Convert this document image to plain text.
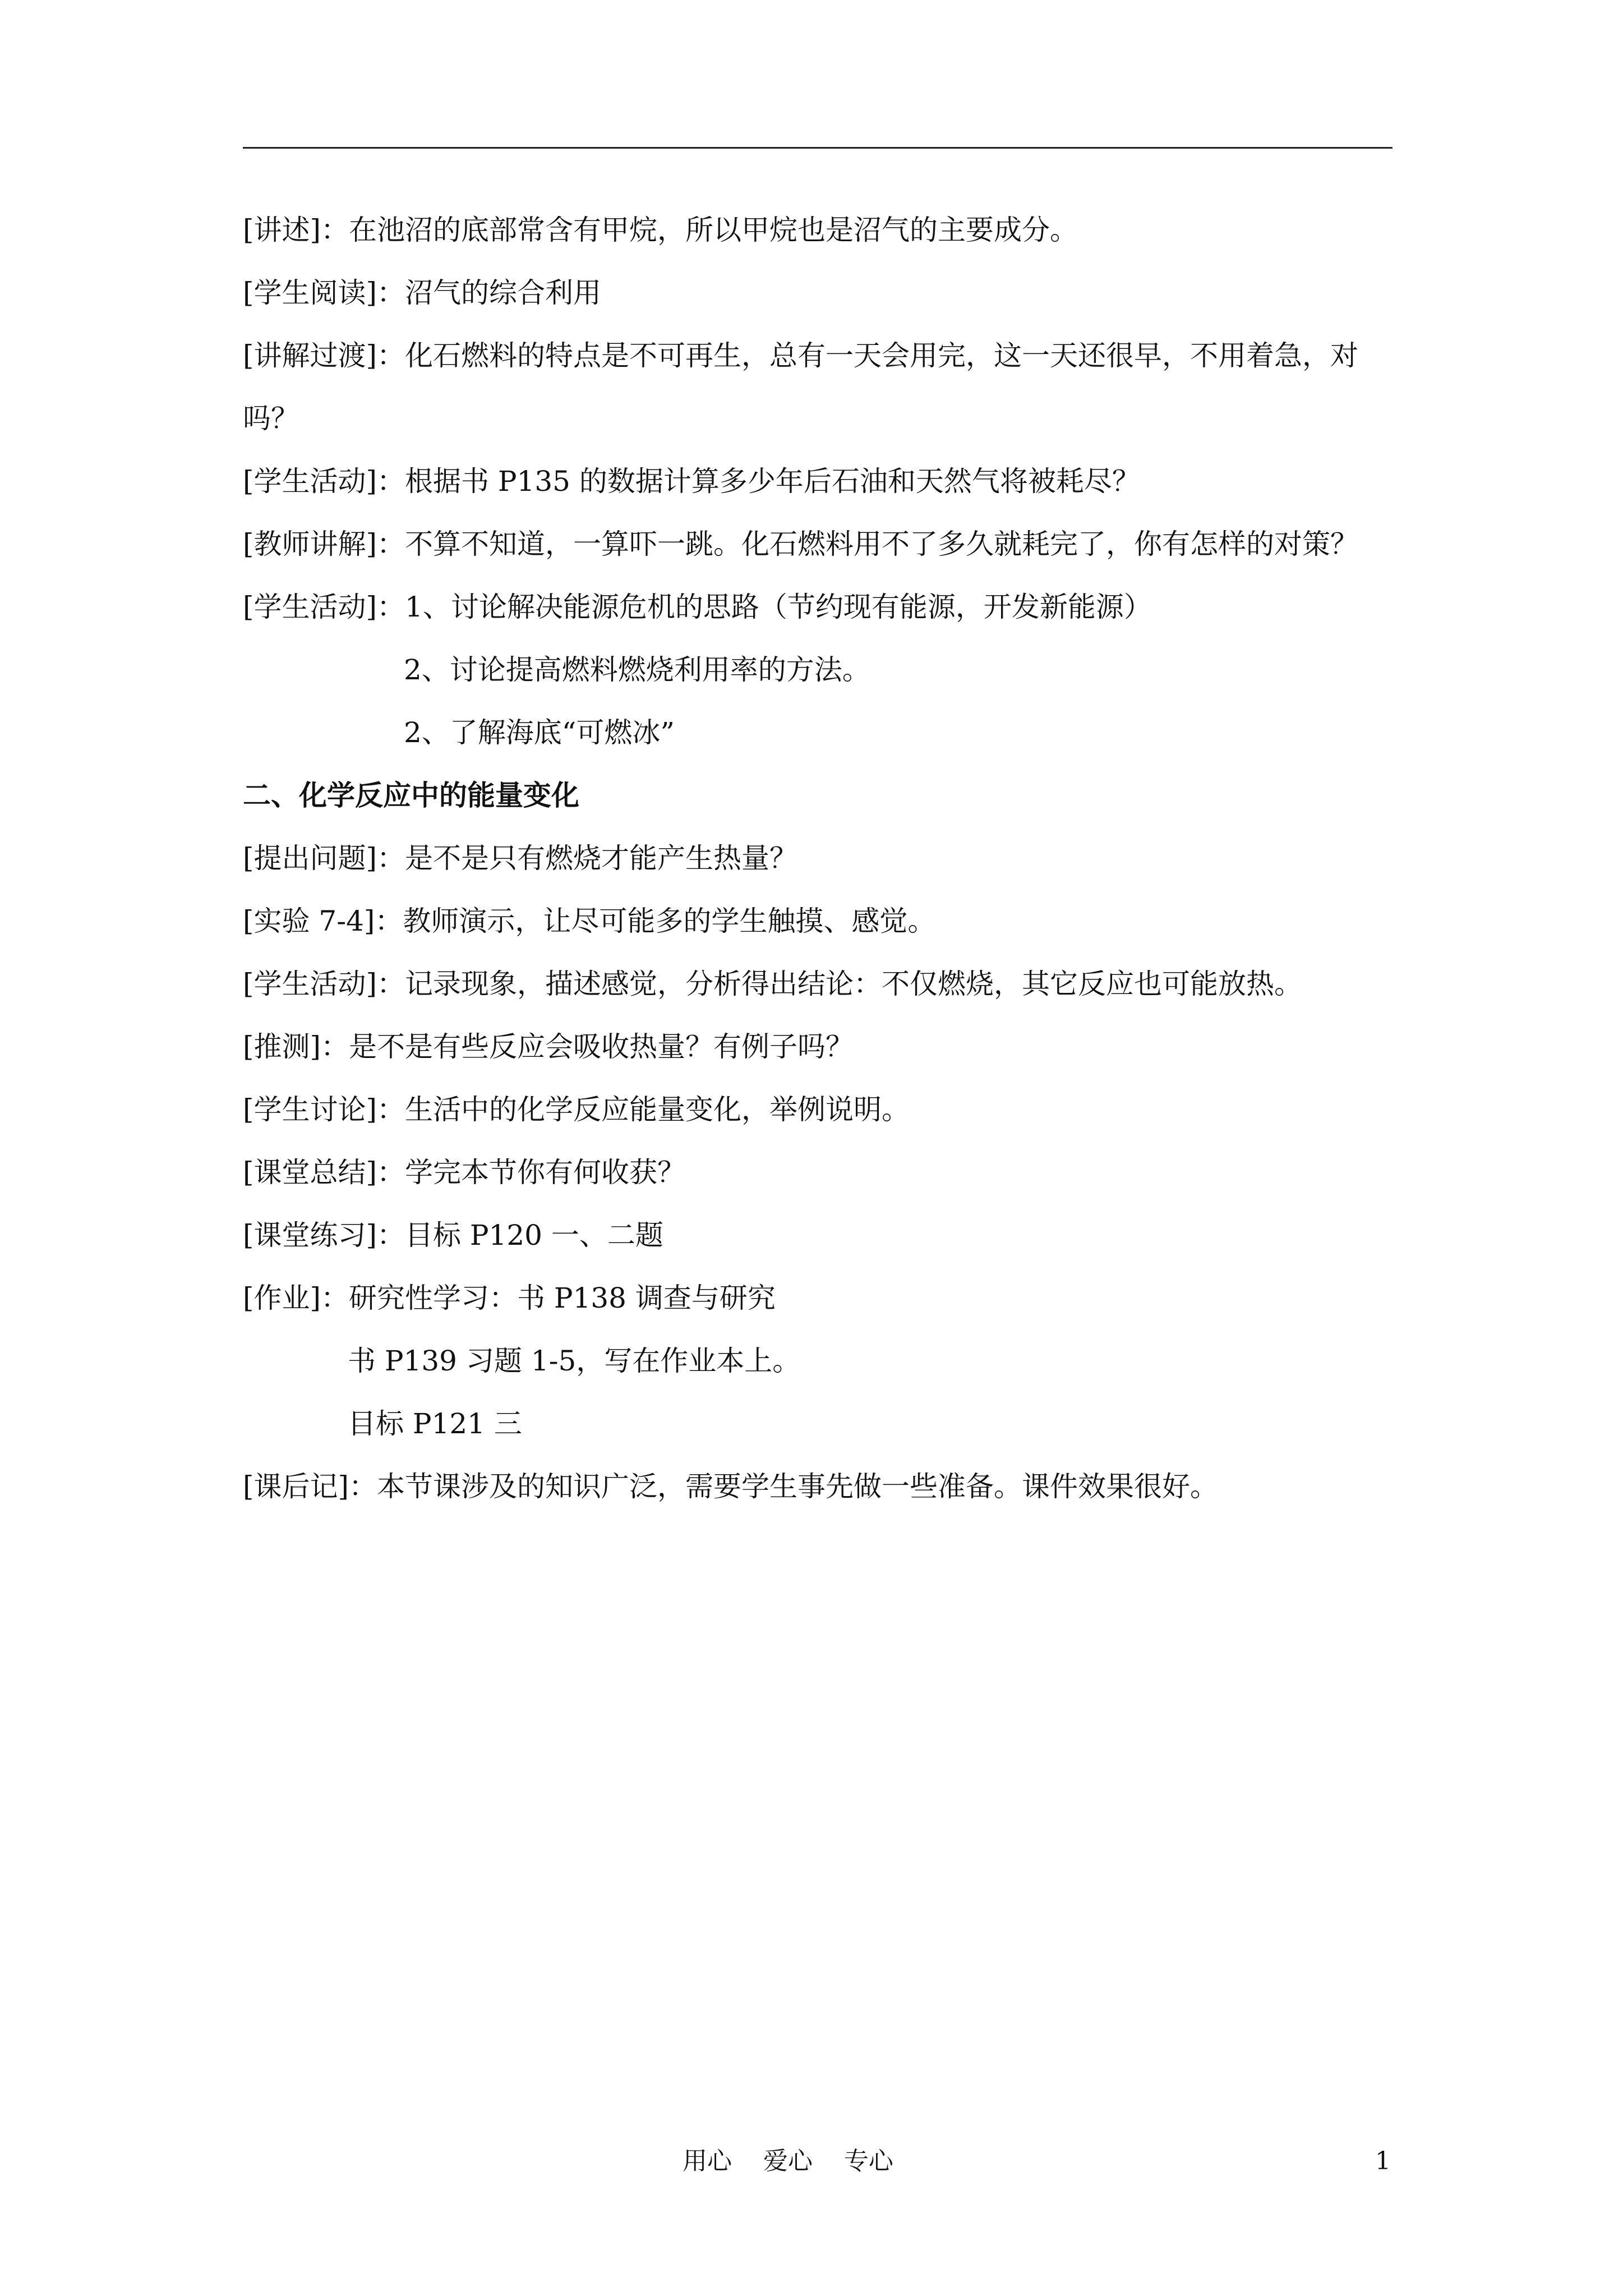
[讲述]：在池沼的底部常含有甲烷，所以甲烷也是沼气的主要成分。
[学生阅读]：沼气的综合利用
[讲解过渡]：化石燃料的特点是不可再生，总有一天会用完，这一天还很早，不用着急，对
吗？
[学生活动]：根据书 P135 的数据计算多少年后石油和天然气将被耗尽？
[教师讲解]：不算不知道，一算吓一跳。化石燃料用不了多久就耗完了，你有怎样的对策？
[学生活动]：1、讨论解决能源危机的思路（节约现有能源，开发新能源）
2、讨论提高燃料燃烧利用率的方法。
2、了解海底“可燃冰”
二、化学反应中的能量变化
[提出问题]：是不是只有燃烧才能产生热量？
[实验 7-4]：教师演示，让尽可能多的学生触摸、感觉。
[学生活动]：记录现象，描述感觉，分析得出结论：不仅燃烧，其它反应也可能放热。
[推测]：是不是有些反应会吸收热量？有例子吗？
[学生讨论]：生活中的化学反应能量变化，举例说明。
[课堂总结]：学完本节你有何收获？
[课堂练习]：目标 P120 一、二题
[作业]：研究性学习：书 P138 调查与研究
书 P139 习题 1-5，写在作业本上。
目标 P121 三
[课后记]：本节课涉及的知识广泛，需要学生事先做一些准备。课件效果很好。
用心    爱心    专心	1
